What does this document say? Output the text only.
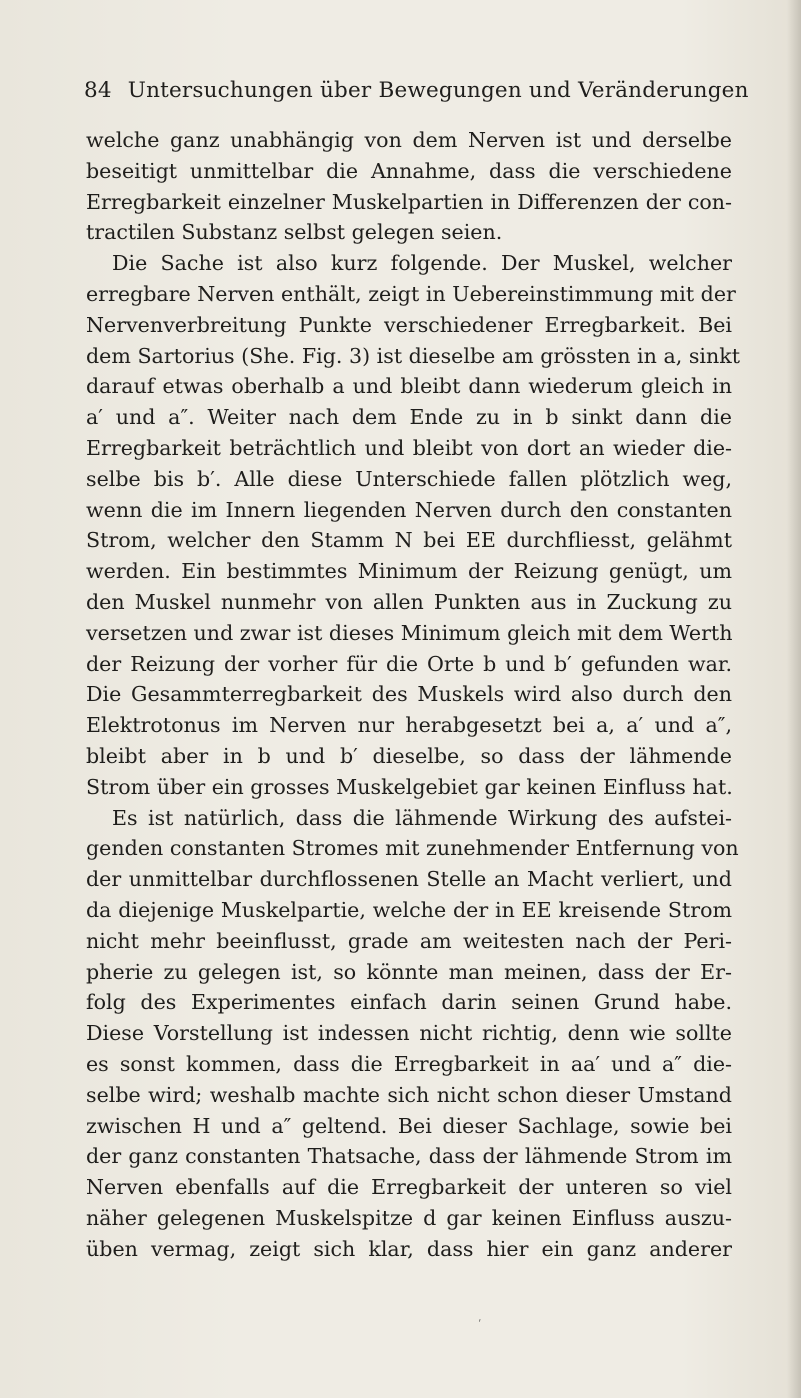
84 Untersuchungen über Bewegungen und Veränderungen
welche ganz unabhängig von dem Nerven ist und derselbe
beseitigt unmittelbar die Annahme, dass die verschiedene
Erregbarkeit einzelner Muskelpartien in Differenzen der con-
tractilen Substanz selbst gelegen seien.
Die Sache ist also kurz folgende. Der Muskel, welcher
erregbare Nerven enthält, zeigt in Uebereinstimmung mit der
Nervenverbreitung Punkte verschiedener Erregbarkeit. Bei
dem Sartorius (She. Fig. 3) ist dieselbe am grössten in a, sinkt
darauf etwas oberhalb a und bleibt dann wiederum gleich in
a′ und a″. Weiter nach dem Ende zu in b sinkt dann die
Erregbarkeit beträchtlich und bleibt von dort an wieder die-
selbe bis b′. Alle diese Unterschiede fallen plötzlich weg,
wenn die im Innern liegenden Nerven durch den constanten
Strom, welcher den Stamm N bei EE durchfliesst, gelähmt
werden. Ein bestimmtes Minimum der Reizung genügt, um
den Muskel nunmehr von allen Punkten aus in Zuckung zu
versetzen und zwar ist dieses Minimum gleich mit dem Werth
der Reizung der vorher für die Orte b und b′ gefunden war.
Die Gesammterregbarkeit des Muskels wird also durch den
Elektrotonus im Nerven nur herabgesetzt bei a, a′ und a″,
bleibt aber in b und b′ dieselbe, so dass der lähmende
Strom über ein grosses Muskelgebiet gar keinen Einfluss hat.
Es ist natürlich, dass die lähmende Wirkung des aufstei-
genden constanten Stromes mit zunehmender Entfernung von
der unmittelbar durchflossenen Stelle an Macht verliert, und
da diejenige Muskelpartie, welche der in EE kreisende Strom
nicht mehr beeinflusst, grade am weitesten nach der Peri-
pherie zu gelegen ist, so könnte man meinen, dass der Er-
folg des Experimentes einfach darin seinen Grund habe.
Diese Vorstellung ist indessen nicht richtig, denn wie sollte
es sonst kommen, dass die Erregbarkeit in aa′ und a″ die-
selbe wird; weshalb machte sich nicht schon dieser Umstand
zwischen H und a″ geltend. Bei dieser Sachlage, sowie bei
der ganz constanten Thatsache, dass der lähmende Strom im
Nerven ebenfalls auf die Erregbarkeit der unteren so viel
näher gelegenen Muskelspitze d gar keinen Einfluss auszu-
üben vermag, zeigt sich klar, dass hier ein ganz anderer
ˊ
